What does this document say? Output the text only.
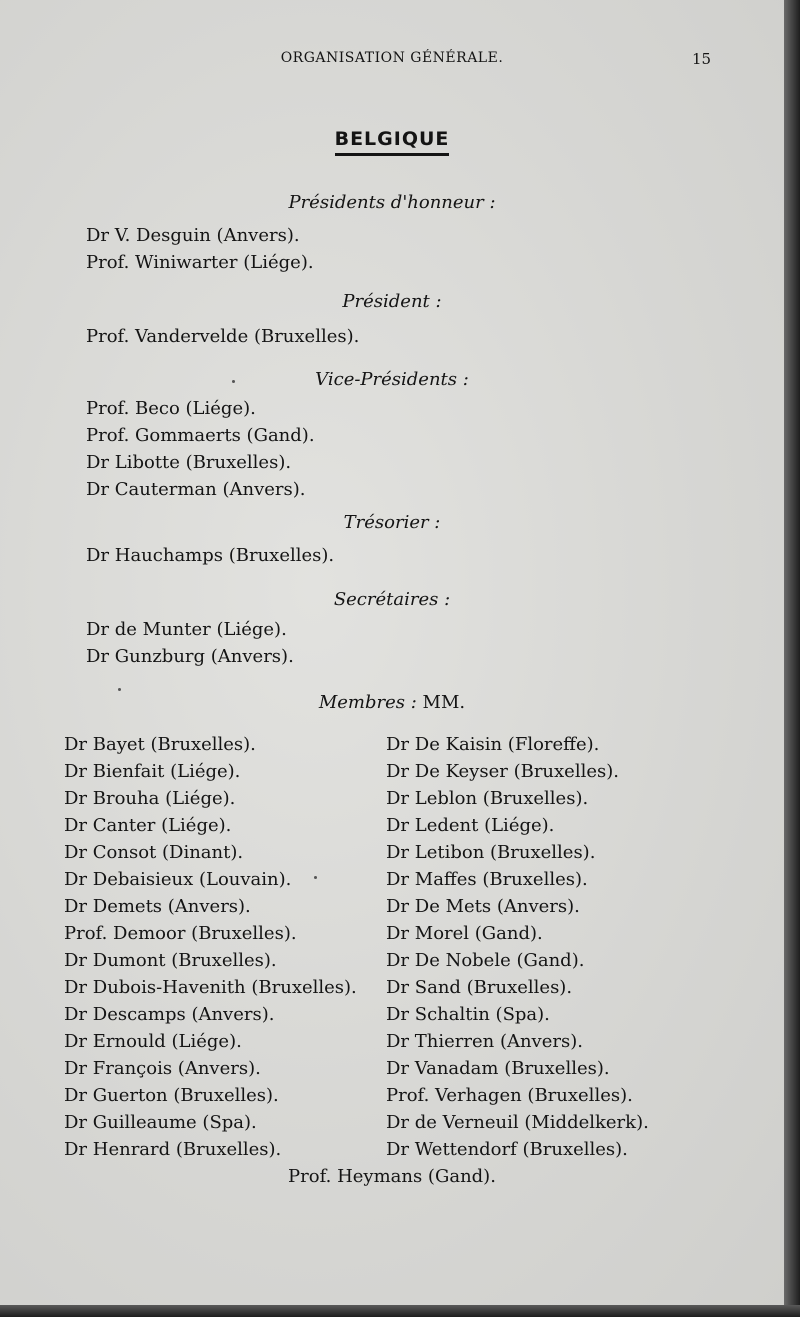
ORGANISATION GÉNÉRALE.	15
BELGIQUE
Présidents d'honneur :
Dr V. Desguin (Anvers).
Prof. Winiwarter (Liége).
Président :
Prof. Vandervelde (Bruxelles).
Vice-Présidents :
Prof. Beco (Liége).
Prof. Gommaerts (Gand).
Dr Libotte (Bruxelles).
Dr Cauterman (Anvers).
Trésorier :
Dr Hauchamps (Bruxelles).
Secrétaires :
Dr de Munter (Liége).
Dr Gunzburg (Anvers).
Membres : MM.
Dr Bayet (Bruxelles).
Dr Bienfait (Liége).
Dr Brouha (Liége).
Dr Canter (Liége).
Dr Consot (Dinant).
Dr Debaisieux (Louvain).
Dr Demets (Anvers).
Prof. Demoor (Bruxelles).
Dr Dumont (Bruxelles).
Dr Dubois-Havenith (Bruxelles).
Dr Descamps (Anvers).
Dr Ernould (Liége).
Dr François (Anvers).
Dr Guerton (Bruxelles).
Dr Guilleaume (Spa).
Dr Henrard (Bruxelles).
Dr De Kaisin (Floreffe).
Dr De Keyser (Bruxelles).
Dr Leblon (Bruxelles).
Dr Ledent (Liége).
Dr Letibon (Bruxelles).
Dr Maffes (Bruxelles).
Dr De Mets (Anvers).
Dr Morel (Gand).
Dr De Nobele (Gand).
Dr Sand (Bruxelles).
Dr Schaltin (Spa).
Dr Thierren (Anvers).
Dr Vanadam (Bruxelles).
Prof. Verhagen (Bruxelles).
Dr de Verneuil (Middelkerk).
Dr Wettendorf (Bruxelles).
Prof. Heymans (Gand).
